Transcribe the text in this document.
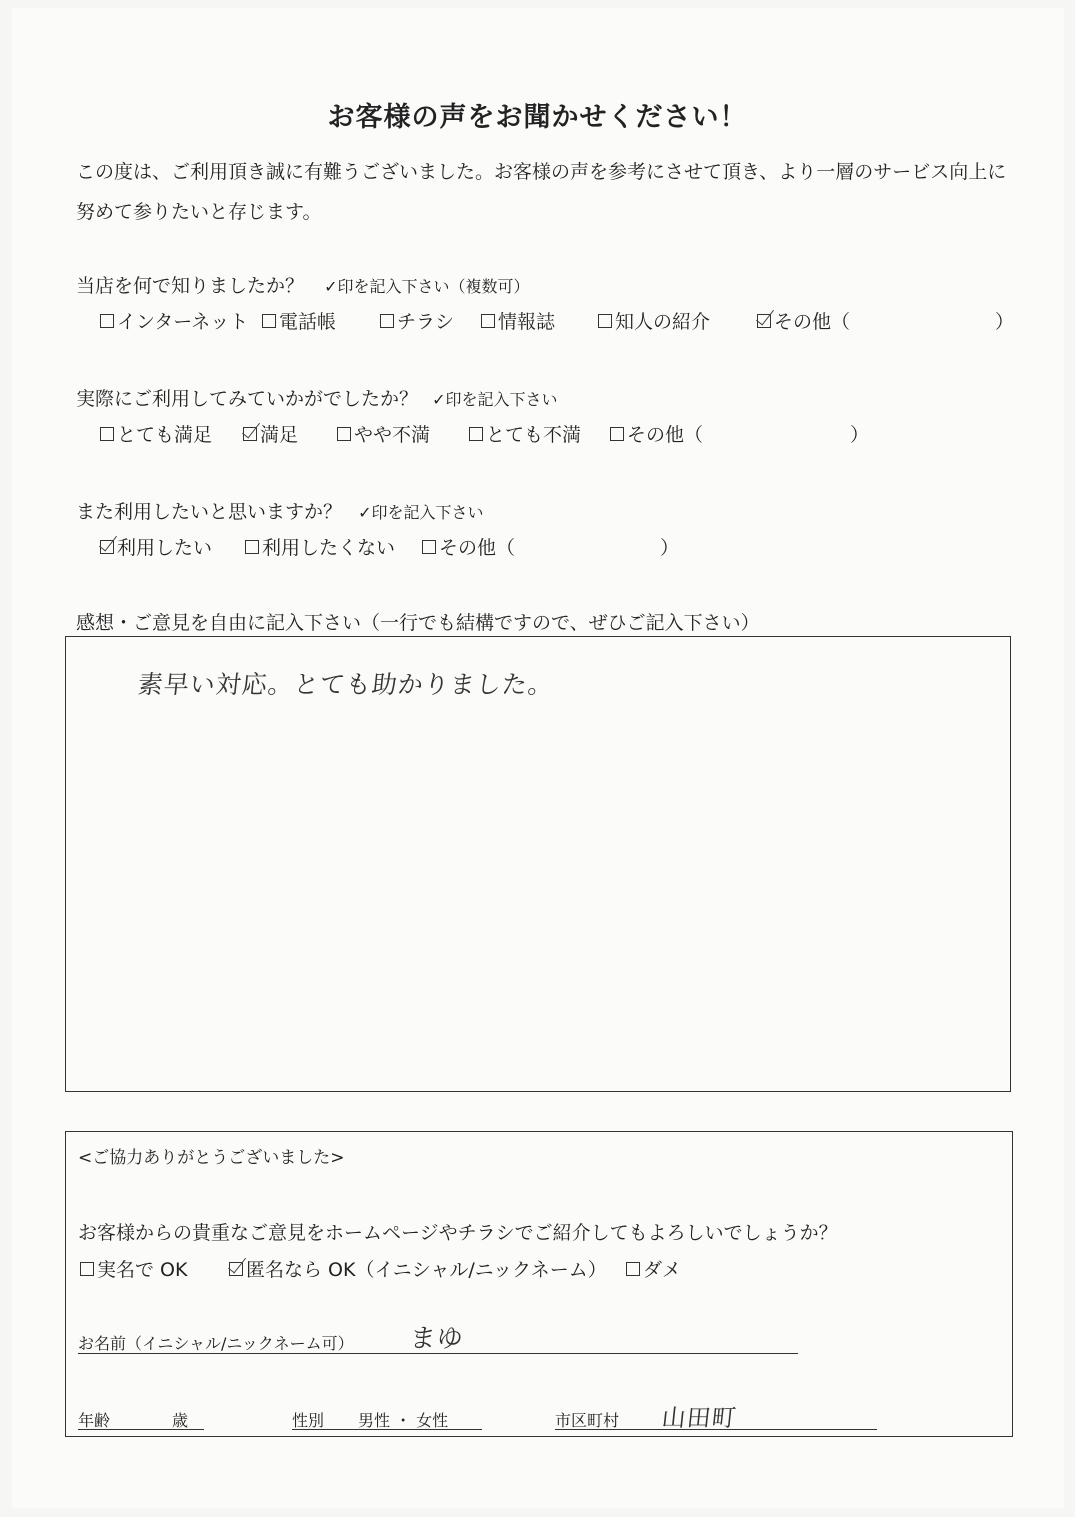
お客様の声をお聞かせください！
この度は、ご利用頂き誠に有難うございました。お客様の声を参考にさせて頂き、より一層のサービス向上に努めて参りたいと存じます。
当店を何で知りましたか？ ✓印を記入下さい（複数可）
インターネット 電話帳	チラシ 情報誌	知人の紹介	その他（	）
実際にご利用してみていかがでしたか？ ✓印を記入下さい
とても満足	満足	やや不満	とても不満 その他（	）
また利用したいと思いますか？ ✓印を記入下さい
利用したい	利用したくない その他（	）
感想・ご意見を自由に記入下さい（一行でも結構ですので、ぜひご記入下さい）
素早い対応。とても助かりました。
<ご協力ありがとうございました>
お客様からの貴重なご意見をホームページやチラシでご紹介してもよろしいでしょうか？
実名で OK	匿名なら OK（イニシャル/ニックネーム） ダメ
お名前（イニシャル/ニックネーム可） まゆ
年齢	歳	性別 男性 ・ 女性	市区町村 山田町
